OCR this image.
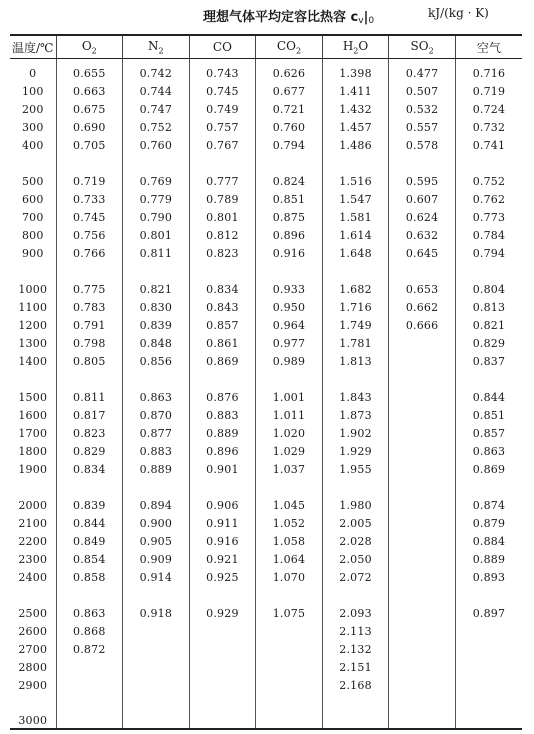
理想气体平均定容比热容 $c_v|_0$
kJ/(kg · K)
温度/℃	$O_2$	$N_2$	CO	$CO_2$	$H_2O$	$SO_2$	空气
0	0.655	0.742	0.743	0.626	1.398	0.477	0.716
100	0.663	0.744	0.745	0.677	1.411	0.507	0.719
200	0.675	0.747	0.749	0.721	1.432	0.532	0.724
300	0.690	0.752	0.757	0.760	1.457	0.557	0.732
400	0.705	0.760	0.767	0.794	1.486	0.578	0.741

500	0.719	0.769	0.777	0.824	1.516	0.595	0.752
600	0.733	0.779	0.789	0.851	1.547	0.607	0.762
700	0.745	0.790	0.801	0.875	1.581	0.624	0.773
800	0.756	0.801	0.812	0.896	1.614	0.632	0.784
900	0.766	0.811	0.823	0.916	1.648	0.645	0.794

1000	0.775	0.821	0.834	0.933	1.682	0.653	0.804
1100	0.783	0.830	0.843	0.950	1.716	0.662	0.813
1200	0.791	0.839	0.857	0.964	1.749	0.666	0.821
1300	0.798	0.848	0.861	0.977	1.781		0.829
1400	0.805	0.856	0.869	0.989	1.813		0.837

1500	0.811	0.863	0.876	1.001	1.843		0.844
1600	0.817	0.870	0.883	1.011	1.873		0.851
1700	0.823	0.877	0.889	1.020	1.902		0.857
1800	0.829	0.883	0.896	1.029	1.929		0.863
1900	0.834	0.889	0.901	1.037	1.955		0.869

2000	0.839	0.894	0.906	1.045	1.980		0.874
2100	0.844	0.900	0.911	1.052	2.005		0.879
2200	0.849	0.905	0.916	1.058	2.028		0.884
2300	0.854	0.909	0.921	1.064	2.050		0.889
2400	0.858	0.914	0.925	1.070	2.072		0.893

2500	0.863	0.918	0.929	1.075	2.093		0.897
2600	0.868				2.113		
2700	0.872				2.132		
2800					2.151		
2900					2.168		

3000							
